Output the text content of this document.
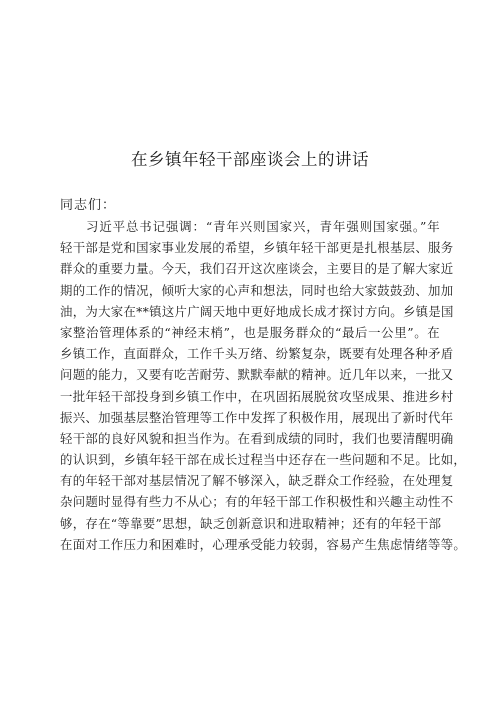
在乡镇年轻干部座谈会上的讲话

同志们：

习近平总书记强调：“青年兴则国家兴，青年强则国家强。”年
轻干部是党和国家事业发展的希望，乡镇年轻干部更是扎根基层、服务
群众的重要力量。今天，我们召开这次座谈会，主要目的是了解大家近
期的工作的情况，倾听大家的心声和想法，同时也给大家鼓鼓劲、加加
油，为大家在**镇这片广阔天地中更好地成长成才探讨方向。乡镇是国
家整治管理体系的“神经末梢”，也是服务群众的“最后一公里”。在
乡镇工作，直面群众，工作千头万绪、纷繁复杂，既要有处理各种矛盾
问题的能力，又要有吃苦耐劳、默默奉献的精神。近几年以来，一批又
一批年轻干部投身到乡镇工作中，在巩固拓展脱贫攻坚成果、推进乡村
振兴、加强基层整治管理等工作中发挥了积极作用，展现出了新时代年
轻干部的良好风貌和担当作为。在看到成绩的同时，我们也要清醒明确
的认识到，乡镇年轻干部在成长过程当中还存在一些问题和不足。比如，
有的年轻干部对基层情况了解不够深入，缺乏群众工作经验，在处理复
杂问题时显得有些力不从心；有的年轻干部工作积极性和兴趣主动性不
够，存在“等靠要”思想，缺乏创新意识和进取精神；还有的年轻干部
在面对工作压力和困难时，心理承受能力较弱，容易产生焦虑情绪等等。
